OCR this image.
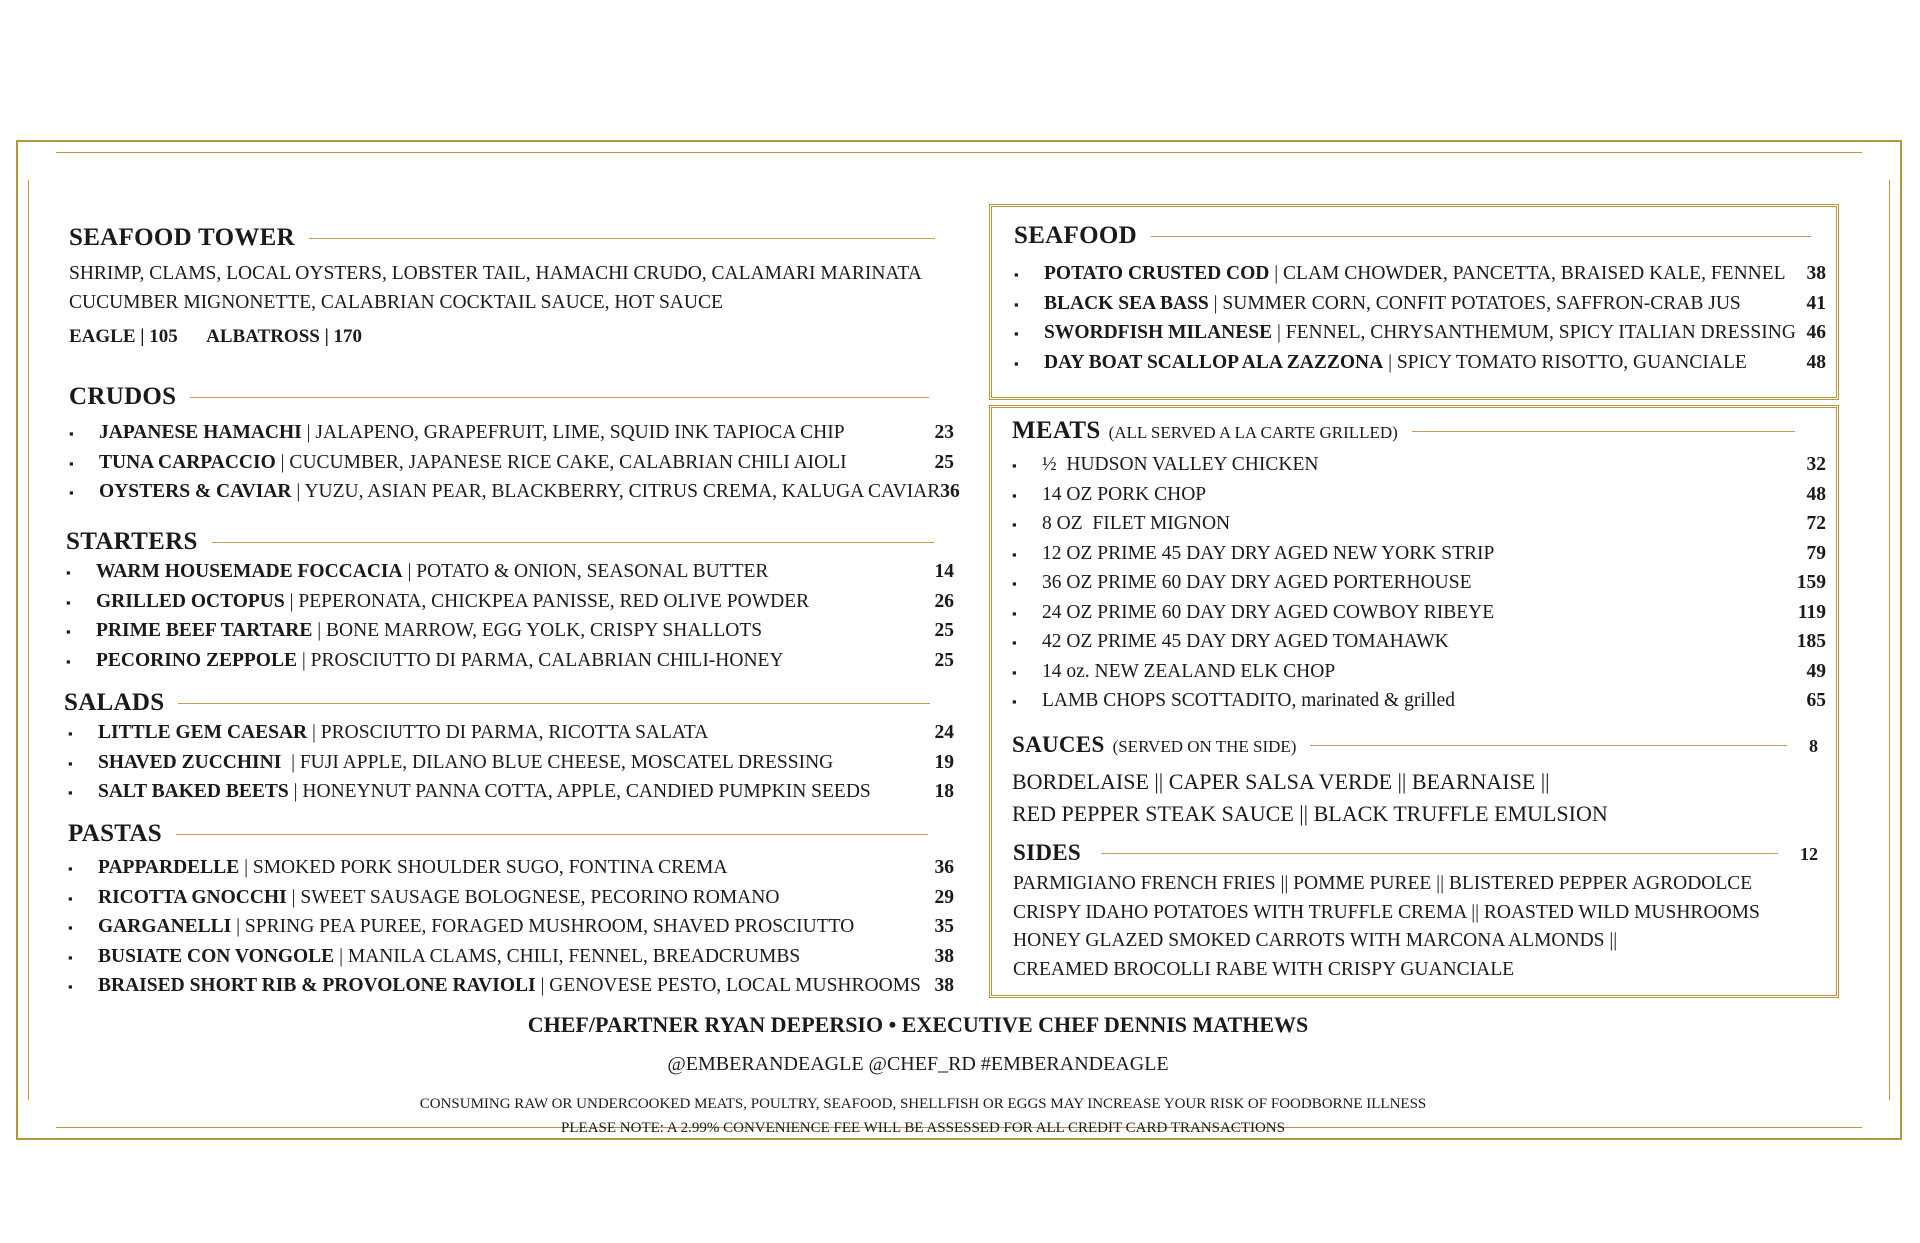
SEAFOOD TOWER
SHRIMP, CLAMS, LOCAL OYSTERS, LOBSTER TAIL, HAMACHI CRUDO, CALAMARI MARINATA
CUCUMBER MIGNONETTE, CALABRIAN COCKTAIL SAUCE, HOT SAUCE
EAGLE | 105 ALBATROSS | 170
CRUDOS
▪	JAPANESE HAMACHI | JALAPENO, GRAPEFRUIT, LIME, SQUID INK TAPIOCA CHIP	23
▪	TUNA CARPACCIO | CUCUMBER, JAPANESE RICE CAKE, CALABRIAN CHILI AIOLI	25
▪	OYSTERS & CAVIAR | YUZU, ASIAN PEAR, BLACKBERRY, CITRUS CREMA, KALUGA CAVIAR 36
STARTERS
▪	WARM HOUSEMADE FOCCACIA | POTATO & ONION, SEASONAL BUTTER	14
▪	GRILLED OCTOPUS | PEPERONATA, CHICKPEA PANISSE, RED OLIVE POWDER	26
▪	PRIME BEEF TARTARE | BONE MARROW, EGG YOLK, CRISPY SHALLOTS	25
▪	PECORINO ZEPPOLE | PROSCIUTTO DI PARMA, CALABRIAN CHILI-HONEY	25
SALADS
▪	LITTLE GEM CAESAR | PROSCIUTTO DI PARMA, RICOTTA SALATA	24
▪	SHAVED ZUCCHINI  | FUJI APPLE, DILANO BLUE CHEESE, MOSCATEL DRESSING	19
▪	SALT BAKED BEETS | HONEYNUT PANNA COTTA, APPLE, CANDIED PUMPKIN SEEDS	18
PASTAS
▪	PAPPARDELLE | SMOKED PORK SHOULDER SUGO, FONTINA CREMA	36
▪	RICOTTA GNOCCHI | SWEET SAUSAGE BOLOGNESE, PECORINO ROMANO	29
▪	GARGANELLI | SPRING PEA PUREE, FORAGED MUSHROOM, SHAVED PROSCIUTTO	35
▪	BUSIATE CON VONGOLE | MANILA CLAMS, CHILI, FENNEL, BREADCRUMBS	38
▪	BRAISED SHORT RIB & PROVOLONE RAVIOLI | GENOVESE PESTO, LOCAL MUSHROOMS 38
SEAFOOD
▪	POTATO CRUSTED COD | CLAM CHOWDER, PANCETTA, BRAISED KALE, FENNEL	38
▪	BLACK SEA BASS | SUMMER CORN, CONFIT POTATOES, SAFFRON-CRAB JUS	41
▪	SWORDFISH MILANESE | FENNEL, CHRYSANTHEMUM, SPICY ITALIAN DRESSING 46
▪	DAY BOAT SCALLOP ALA ZAZZONA | SPICY TOMATO RISOTTO, GUANCIALE	48
MEATS (ALL SERVED A LA CARTE GRILLED)
▪	½  HUDSON VALLEY CHICKEN	32
▪	14 OZ PORK CHOP	48
▪	8 OZ  FILET MIGNON	72
▪	12 OZ PRIME 45 DAY DRY AGED NEW YORK STRIP	79
▪	36 OZ PRIME 60 DAY DRY AGED PORTERHOUSE	159
▪	24 OZ PRIME 60 DAY DRY AGED COWBOY RIBEYE	119
▪	42 OZ PRIME 45 DAY DRY AGED TOMAHAWK	185
▪	14 oz. NEW ZEALAND ELK CHOP	49
▪	LAMB CHOPS SCOTTADITO, marinated & grilled	65
SAUCES (SERVED ON THE SIDE)	8
BORDELAISE || CAPER SALSA VERDE || BEARNAISE ||
RED PEPPER STEAK SAUCE || BLACK TRUFFLE EMULSION
SIDES	12
PARMIGIANO FRENCH FRIES || POMME PUREE || BLISTERED PEPPER AGRODOLCE
CRISPY IDAHO POTATOES WITH TRUFFLE CREMA || ROASTED WILD MUSHROOMS
HONEY GLAZED SMOKED CARROTS WITH MARCONA ALMONDS ||
CREAMED BROCOLLI RABE WITH CRISPY GUANCIALE
CHEF/PARTNER RYAN DEPERSIO • EXECUTIVE CHEF DENNIS MATHEWS
@EMBERANDEAGLE @CHEF_RD #EMBERANDEAGLE
CONSUMING RAW OR UNDERCOOKED MEATS, POULTRY, SEAFOOD, SHELLFISH OR EGGS MAY INCREASE YOUR RISK OF FOODBORNE ILLNESS
PLEASE NOTE: A 2.99% CONVENIENCE FEE WILL BE ASSESSED FOR ALL CREDIT CARD TRANSACTIONS
